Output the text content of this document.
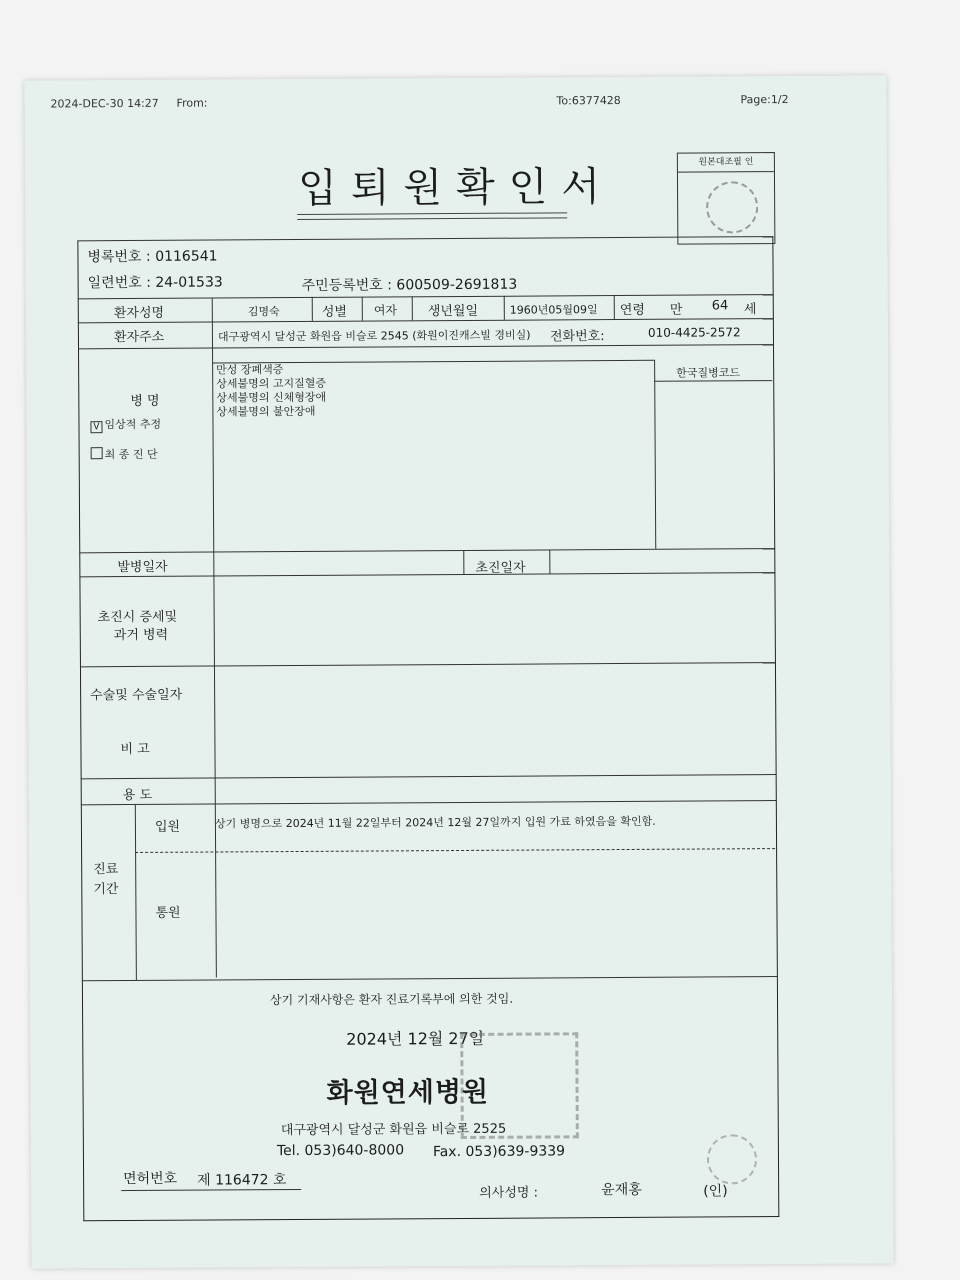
2024-DEC-30 14:27 From:	To:6377428	Page:1/2
입퇴원확인서
원본대조필 인
병록번호 : 0116541
일련번호 : 24-01533	주민등록번호 : 600509-2691813
환자성명	김명숙	성별 여자 생년월일	1960년05월09일 연령 만 64 세
환자주소	대구광역시 달성군 화원읍 비슬로 2545 (화원이진캐스빌 경비실) 전화번호:	010-4425-2572
병 명
V 임상적 추정
최 종 진 단
한국질병코드
만성 장폐색증
상세불명의 고지질혈증
상세불명의 신체형장애
상세불명의 불안장애
발병일자	초진일자
초진시 증세및
과거 병력
수술및 수술일자
비 고
용 도
진료
기간
입원	상기 병명으로 2024년 11월 22일부터 2024년 12월 27일까지 입원 가료 하였음을 확인함.
통원
상기 기재사항은 환자 진료기록부에 의한 것임.
2024년 12월 27일
화원연세병원
대구광역시 달성군 화원읍 비슬로 2525
Tel. 053)640-8000 Fax. 053)639-9339
면허번호 제 116472 호
의사성명 :	윤재홍	(인)
